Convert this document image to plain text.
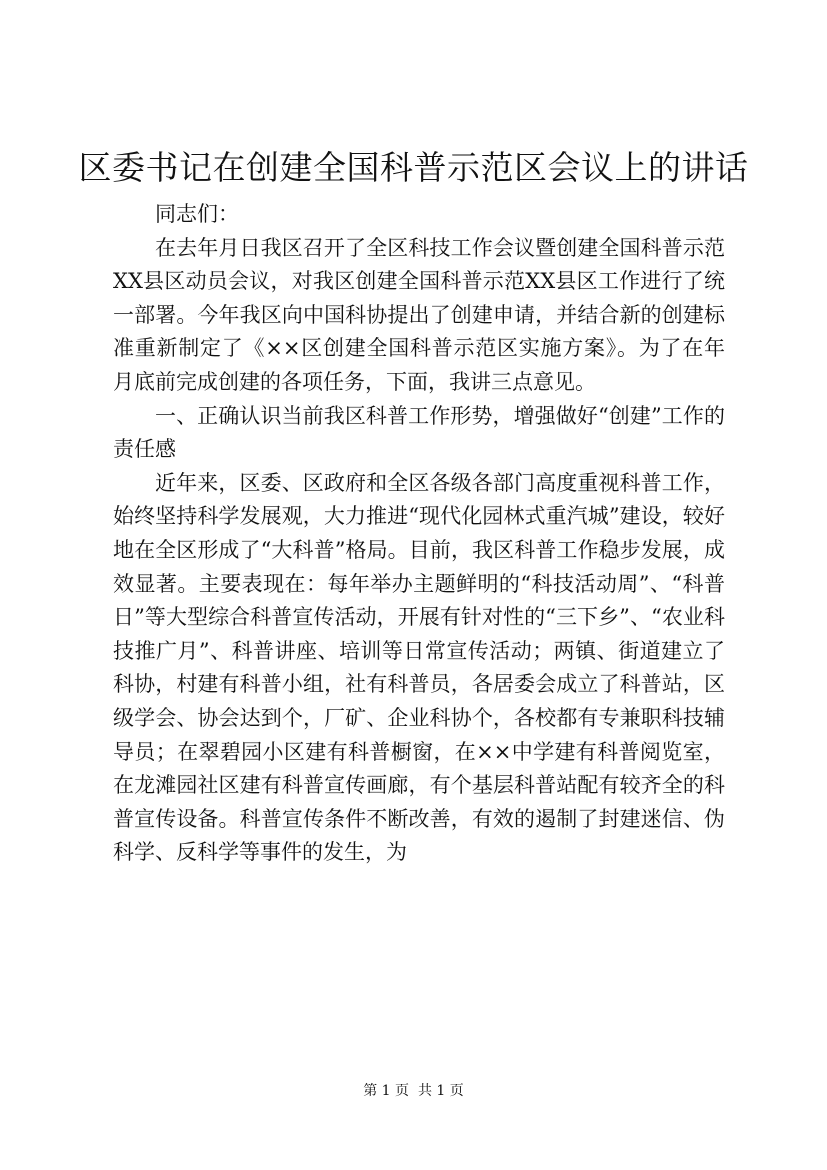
区委书记在创建全国科普示范区会议上的讲话

同志们：

在去年月日我区召开了全区科技工作会议暨创建全国科普示范XX县区动员会议，对我区创建全国科普示范XX县区工作进行了统一部署。今年我区向中国科协提出了创建申请，并结合新的创建标准重新制定了《××区创建全国科普示范区实施方案》。为了在年月底前完成创建的各项任务，下面，我讲三点意见。

一、正确认识当前我区科普工作形势，增强做好“创建”工作的责任感

近年来，区委、区政府和全区各级各部门高度重视科普工作，始终坚持科学发展观，大力推进“现代化园林式重汽城”建设，较好地在全区形成了“大科普”格局。目前，我区科普工作稳步发展，成效显著。主要表现在：每年举办主题鲜明的“科技活动周”、“科普日”等大型综合科普宣传活动，开展有针对性的“三下乡”、“农业科技推广月”、科普讲座、培训等日常宣传活动；两镇、街道建立了科协，村建有科普小组，社有科普员，各居委会成立了科普站，区级学会、协会达到个，厂矿、企业科协个，各校都有专兼职科技辅导员；在翠碧园小区建有科普橱窗，在××中学建有科普阅览室，在龙滩园社区建有科普宣传画廊，有个基层科普站配有较齐全的科普宣传设备。科普宣传条件不断改善，有效的遏制了封建迷信、伪科学、反科学等事件的发生，为

第 1 页  共 1 页
